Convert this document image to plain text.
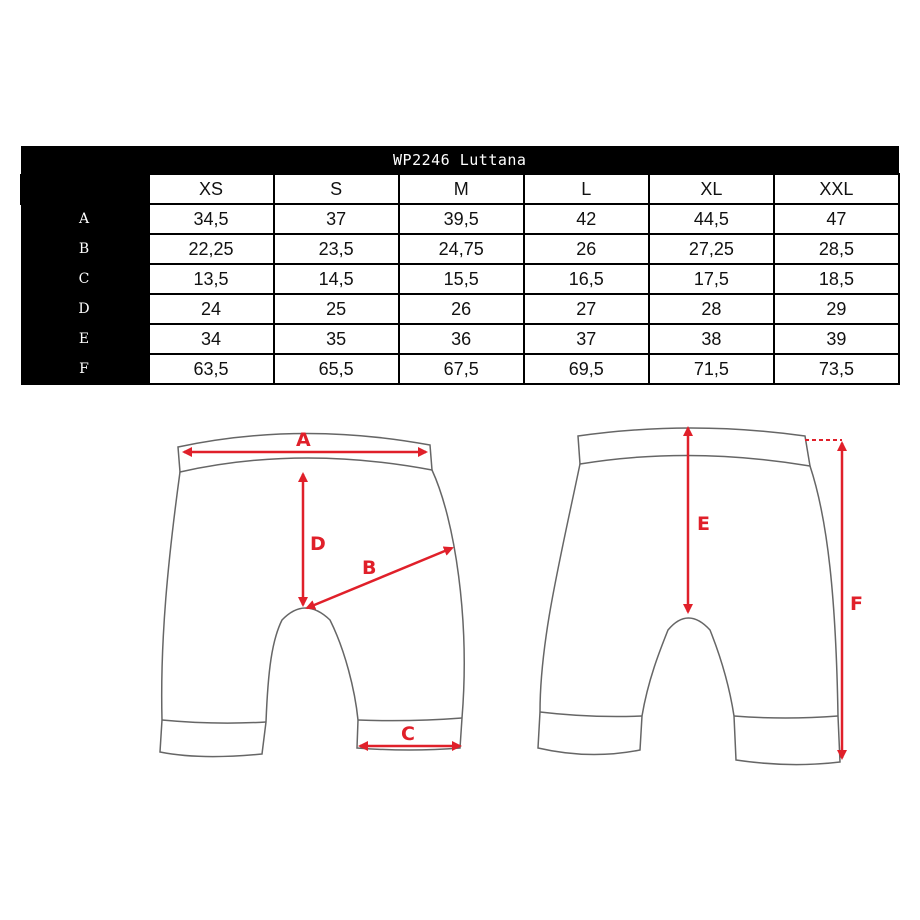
WP2246 Luttana						
	XS	S	M	L	XL	XXL
A	34,5	37	39,5	42	44,5	47
B	22,25	23,5	24,75	26	27,25	28,5
C	13,5	14,5	15,5	16,5	17,5	18,5
D	24	25	26	27	28	29
E	34	35	36	37	38	39
F	63,5	65,5	67,5	69,5	71,5	73,5
A
D
B
C
E
F
